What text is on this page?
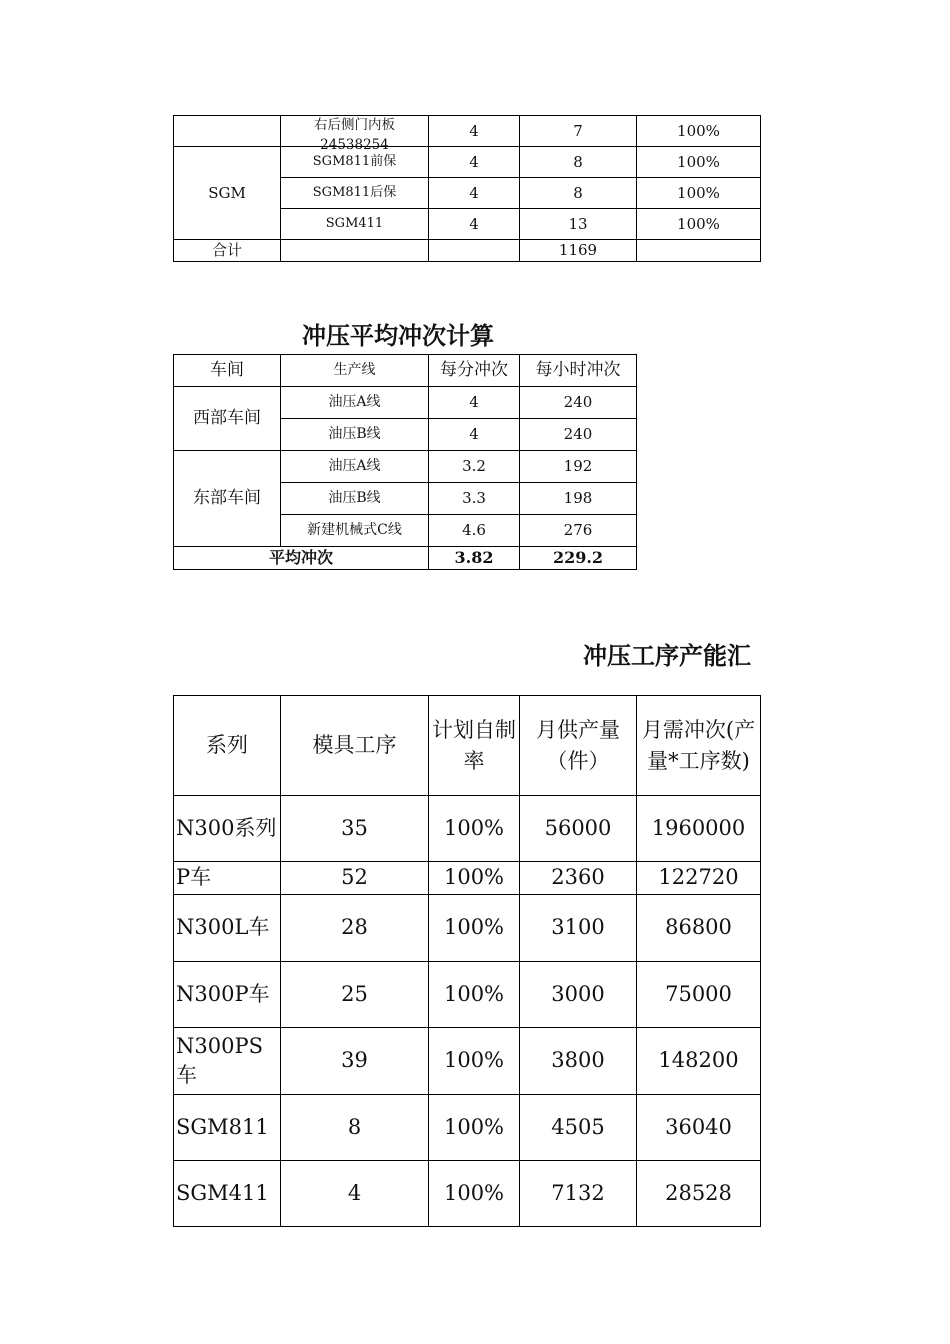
	右后侧门内板24538254	4	7	100%
SGM	SGM811前保	4	8	100%
	SGM811后保	4	8	100%
	SGM411	4	13	100%
合计			1169	
冲压平均冲次计算
车间	生产线	每分冲次	每小时冲次
西部车间	油压A线	4	240
	油压B线	4	240
东部车间	油压A线	3.2	192
	油压B线	3.3	198
	新建机械式C线	4.6	276
平均冲次		3.82	229.2
冲压工序产能汇
系列	模具工序	计划自制率	月供产量（件）	月需冲次(产量*工序数)
N300系列	35	100%	56000	1960000
P车	52	100%	2360	122720
N300L车	28	100%	3100	86800
N300P车	25	100%	3000	75000
N300PS车	39	100%	3800	148200
SGM811	8	100%	4505	36040
SGM411	4	100%	7132	28528
